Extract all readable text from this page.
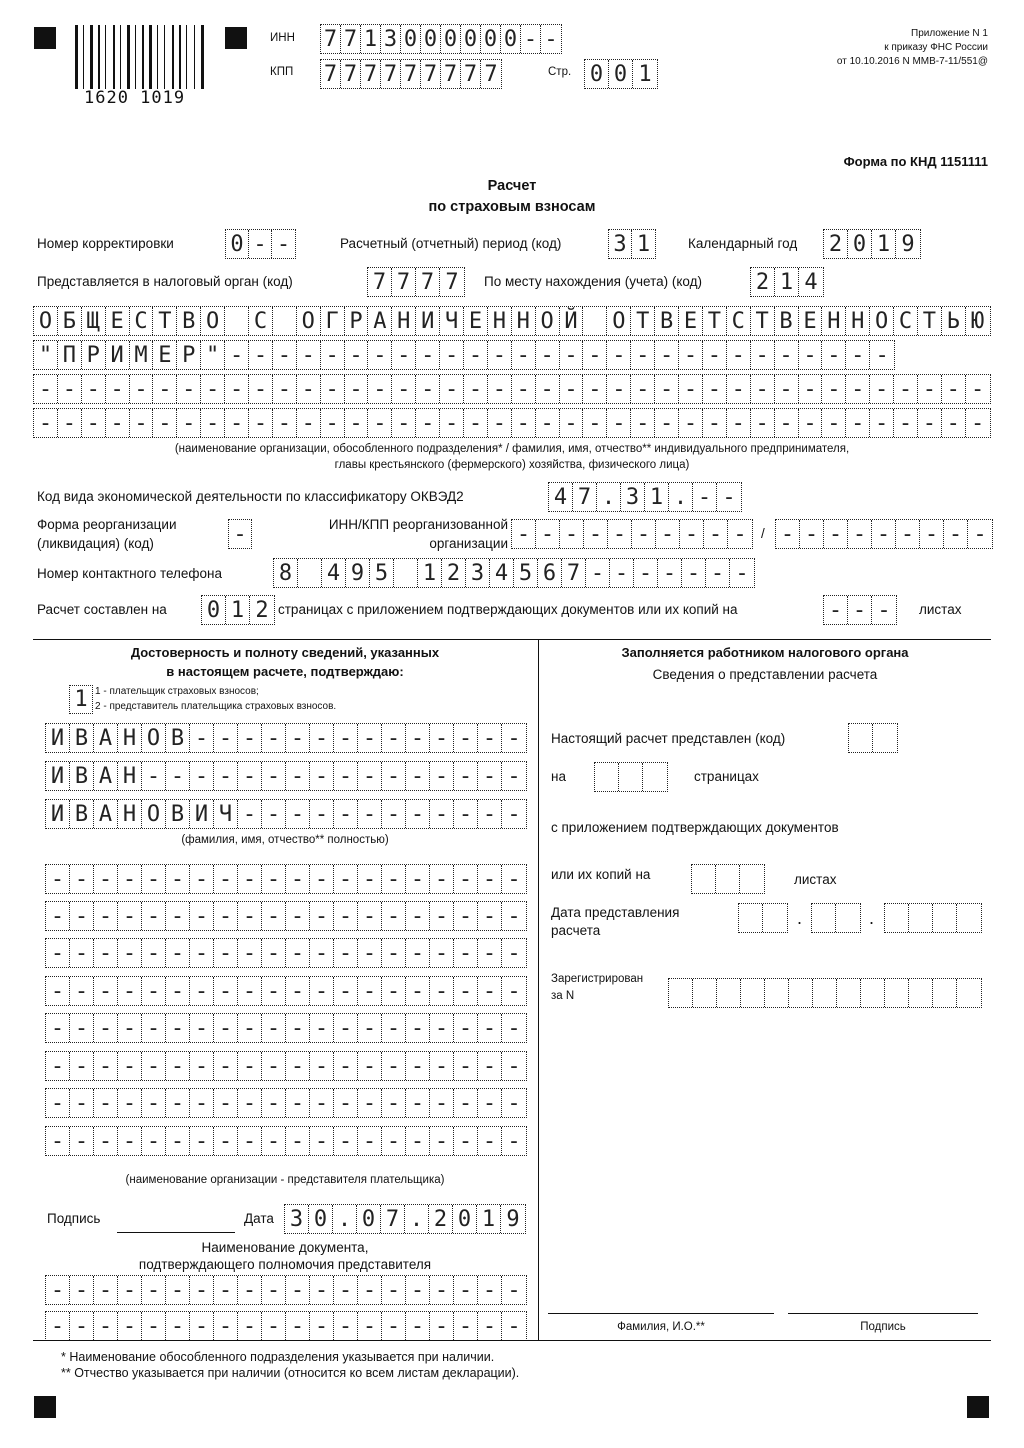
1620 1019
ИНН 7 7 1 3 0 0 0 0 0 0 - -
КПП 7 7 7 7 7 7 7 7 7	Стр. 0 0 1
Приложение N 1
к приказу ФНС России
от 10.10.2016 N ММВ-7-11/551@
Форма по КНД 1151111
Расчет
по страховым взносам
Номер корректировки	0 - -	Расчетный (отчетный) период (код) 3 1	Календарный год 2 0 1 9
Представляется в налоговый орган (код)	7 7 7 7	По месту нахождения (учета) (код) 2 1 4
О Б Щ Е С Т В О С О Г Р А Н И Ч Е Н Н О Й О Т В Е Т С Т В Е Н Н О С Т Ь Ю
" П Р И М Е Р " - - - - - - - - - - - - - - - - - - - - - - - - - - - -
- - - - - - - - - - - - - - - - - - - - - - - - - - - - - - - - - - - - - - - -
- - - - - - - - - - - - - - - - - - - - - - - - - - - - - - - - - - - - - - - -
(наименование организации, обособленного подразделения* / фамилия, имя, отчество** индивидуального предпринимателя,
главы крестьянского (фермерского) хозяйства, физического лица)
Код вида экономической деятельности по классификатору ОКВЭД2	4 7 . 3 1 . - -
Форма реорганизации
(ликвидация) (код)	-	ИНН/КПП реорганизованной
организации - - - - - - - - - -	/ - - - - - - - - -
Номер контактного телефона	8 4 9 5 1 2 3 4 5 6 7 - - - - - - -
Расчет составлен на 0 1 2 страницах с приложением подтверждающих документов или их копий на	- - -	листах
Достоверность и полноту сведений, указанных
в настоящем расчете, подтверждаю:
1 1 - плательщик страховых взносов;
2 - представитель плательщика страховых взносов.
И В А Н О В - - - - - - - - - - - - - -
И В А Н - - - - - - - - - - - - - - - -
И В А Н О В И Ч - - - - - - - - - - - -
(фамилия, имя, отчество** полностью)
- - - - - - - - - - - - - - - - - - - -
- - - - - - - - - - - - - - - - - - - -
- - - - - - - - - - - - - - - - - - - -
- - - - - - - - - - - - - - - - - - - -
- - - - - - - - - - - - - - - - - - - -
- - - - - - - - - - - - - - - - - - - -
- - - - - - - - - - - - - - - - - - - -
- - - - - - - - - - - - - - - - - - - -
(наименование организации - представителя плательщика)
Подпись	Дата 3 0 . 0 7 . 2 0 1 9
Наименование документа,
подтверждающего полномочия представителя
- - - - - - - - - - - - - - - - - - - -
- - - - - - - - - - - - - - - - - - - -
Заполняется работником налогового органа
Сведения о представлении расчета
Настоящий расчет представлен (код)
на	страницах
с приложением подтверждающих документов
или их копий на	листах
Дата представления
расчета
.	.
Зарегистрирован
за N
Фамилия, И.О.**	Подпись
* Наименование обособленного подразделения указывается при наличии.
** Отчество указывается при наличии (относится ко всем листам декларации).
